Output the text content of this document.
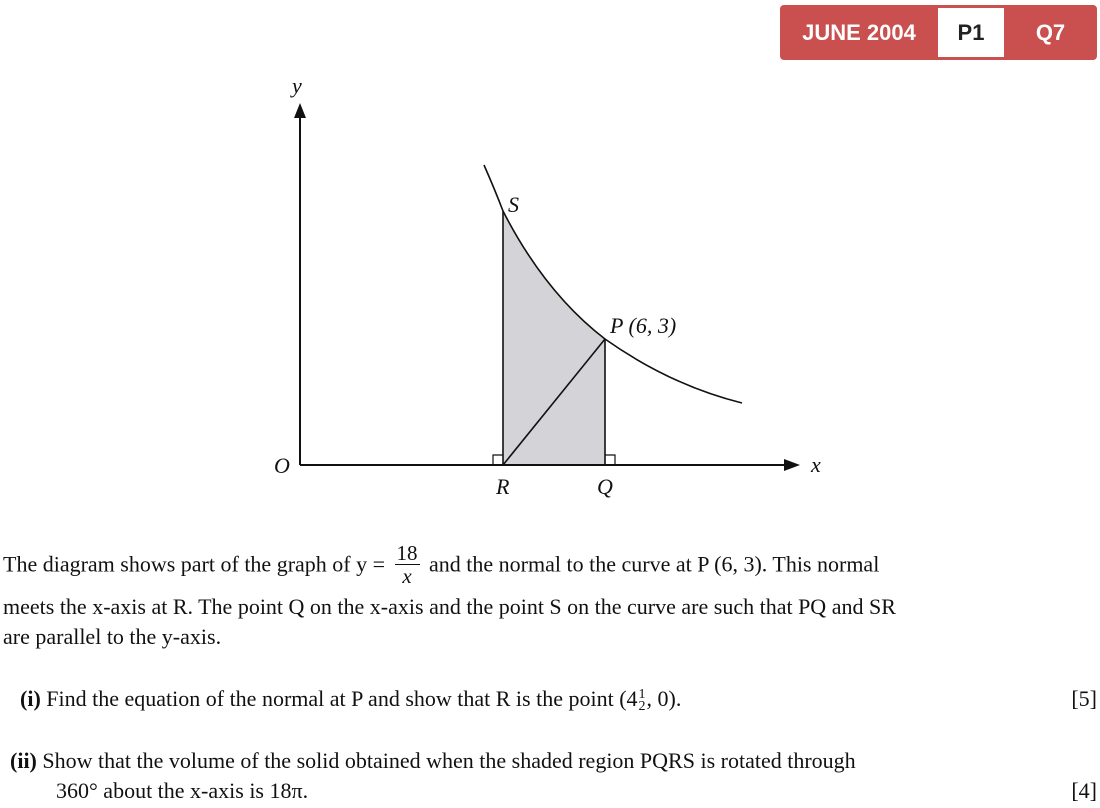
JUNE 2004	P1	Q7
y
x
O
S
P (6, 3)
R	Q
The diagram shows part of the graph of $y = \frac{18}{x}$ and the normal to the curve at P (6, 3). This normal
meets the x-axis at R. The point Q on the x-axis and the point S on the curve are such that PQ and SR
are parallel to the y-axis.
(i) Find the equation of the normal at P and show that R is the point (4 1
2 , 0).	[5]
(ii) Show that the volume of the solid obtained when the shaded region PQRS is rotated through
360° about the x-axis is 18π.	[4]
